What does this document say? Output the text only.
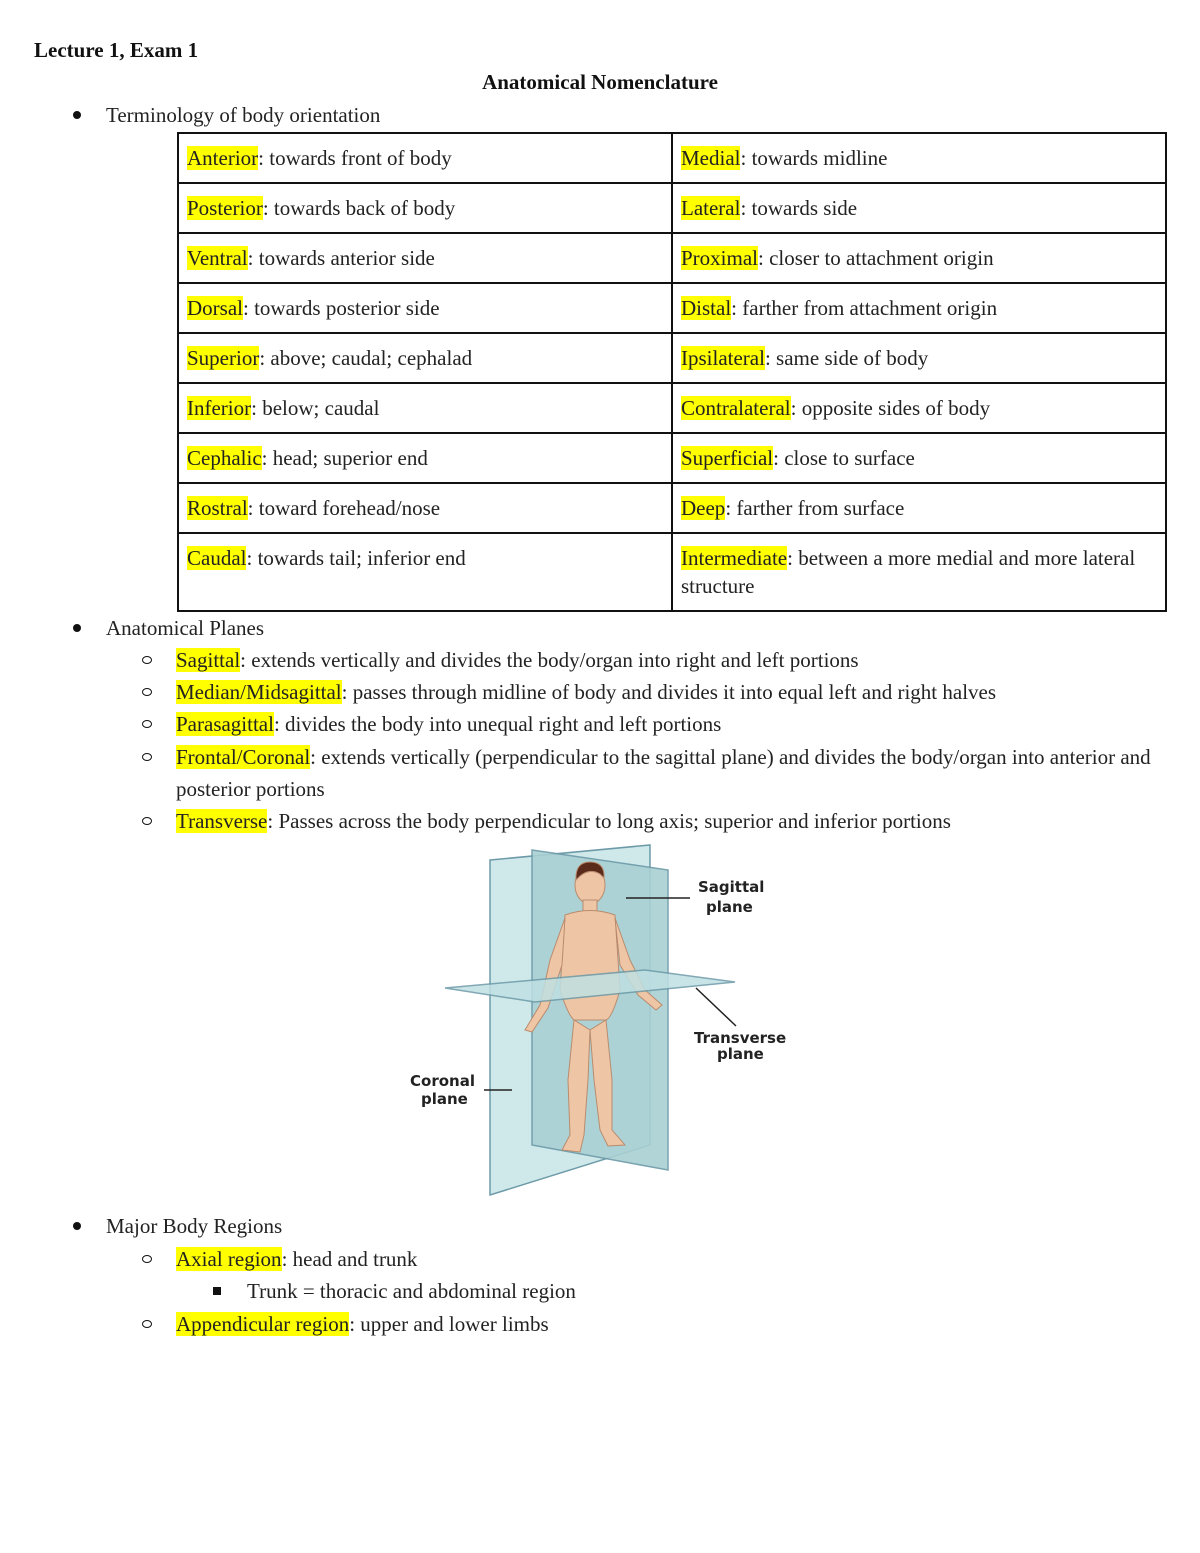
Lecture 1, Exam 1
Anatomical Nomenclature
Terminology of body orientation
Anterior: towards front of body	Medial: towards midline
Posterior: towards back of body	Lateral: towards side
Ventral: towards anterior side	Proximal: closer to attachment origin
Dorsal: towards posterior side	Distal: farther from attachment origin
Superior: above; caudal; cephalad	Ipsilateral: same side of body
Inferior: below; caudal	Contralateral: opposite sides of body
Cephalic: head; superior end	Superficial: close to surface
Rostral: toward forehead/nose	Deep: farther from surface
Caudal: towards tail; inferior end	Intermediate: between a more medial and more lateral structure
Anatomical Planes
Sagittal: extends vertically and divides the body/organ into right and left portions
Median/Midsagittal: passes through midline of body and divides it into equal left and right halves
Parasagittal: divides the body into unequal right and left portions
Frontal/Coronal: extends vertically (perpendicular to the sagittal plane) and divides the body/organ into anterior and posterior portions
Transverse: Passes across the body perpendicular to long axis; superior and inferior portions
Sagittal
plane
Transverse
plane
Coronal
plane
Major Body Regions
Axial region: head and trunk
Trunk = thoracic and abdominal region
Appendicular region: upper and lower limbs
